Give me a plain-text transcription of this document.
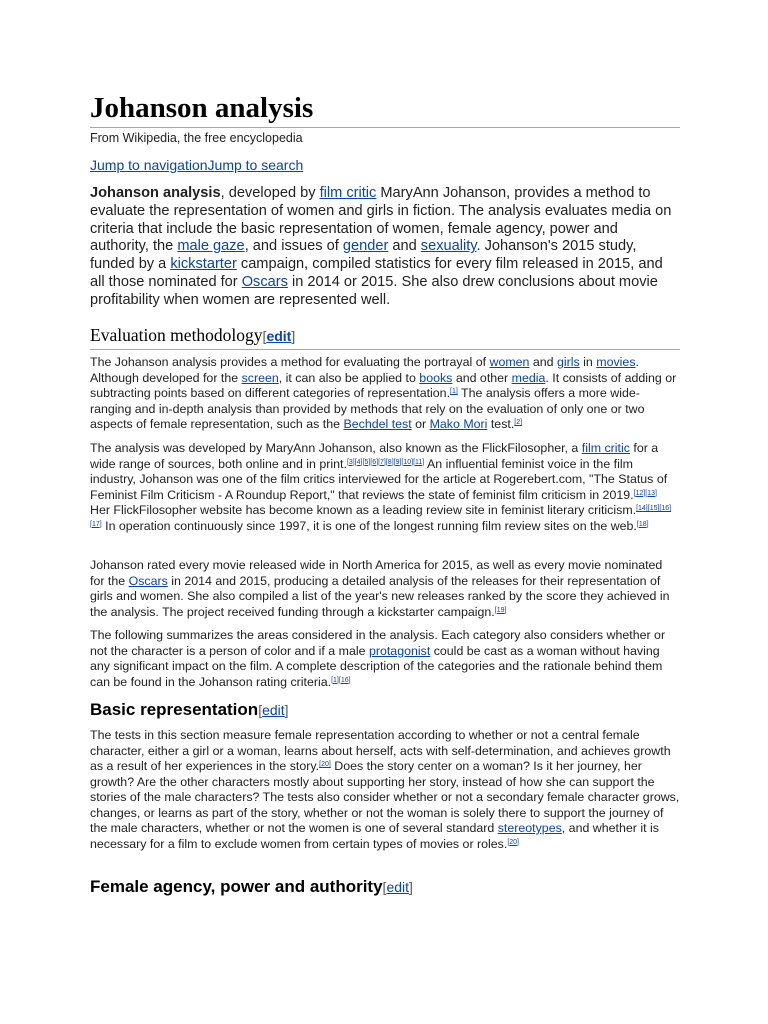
Johanson analysis
From Wikipedia, the free encyclopedia
Jump to navigationJump to search

Johanson analysis, developed by film critic MaryAnn Johanson, provides a method to evaluate the representation of women and girls in fiction. The analysis evaluates media on criteria that include the basic representation of women, female agency, power and authority, the male gaze, and issues of gender and sexuality. Johanson's 2015 study, funded by a kickstarter campaign, compiled statistics for every film released in 2015, and all those nominated for Oscars in 2014 or 2015. She also drew conclusions about movie profitability when women are represented well.

Evaluation methodology[edit]

The Johanson analysis provides a method for evaluating the portrayal of women and girls in movies. Although developed for the screen, it can also be applied to books and other media. It consists of adding or subtracting points based on different categories of representation.[1] The analysis offers a more wide-ranging and in-depth analysis than provided by methods that rely on the evaluation of only one or two aspects of female representation, such as the Bechdel test or Mako Mori test.[2]

The analysis was developed by MaryAnn Johanson, also known as the FlickFilosopher, a film critic for a wide range of sources, both online and in print.[3][4][5][6][7][8][9][10][11] An influential feminist voice in the film industry, Johanson was one of the film critics interviewed for the article at Rogerebert.com, "The Status of Feminist Film Criticism - A Roundup Report," that reviews the state of feminist film criticism in 2019.[12][13] Her FlickFilosopher website has become known as a leading review site in feminist literary criticism.[14][15][16][17] In operation continuously since 1997, it is one of the longest running film review sites on the web.[18]

Johanson rated every movie released wide in North America for 2015, as well as every movie nominated for the Oscars in 2014 and 2015, producing a detailed analysis of the releases for their representation of girls and women. She also compiled a list of the year's new releases ranked by the score they achieved in the analysis. The project received funding through a kickstarter campaign.[19]

The following summarizes the areas considered in the analysis. Each category also considers whether or not the character is a person of color and if a male protagonist could be cast as a woman without having any significant impact on the film. A complete description of the categories and the rationale behind them can be found in the Johanson rating criteria.[1][16]

Basic representation[edit]

The tests in this section measure female representation according to whether or not a central female character, either a girl or a woman, learns about herself, acts with self-determination, and achieves growth as a result of her experiences in the story.[20] Does the story center on a woman? Is it her journey, her growth? Are the other characters mostly about supporting her story, instead of how she can support the stories of the male characters? The tests also consider whether or not a secondary female character grows, changes, or learns as part of the story, whether or not the woman is solely there to support the journey of the male characters, whether or not the women is one of several standard stereotypes, and whether it is necessary for a film to exclude women from certain types of movies or roles.[20]

Female agency, power and authority[edit]
